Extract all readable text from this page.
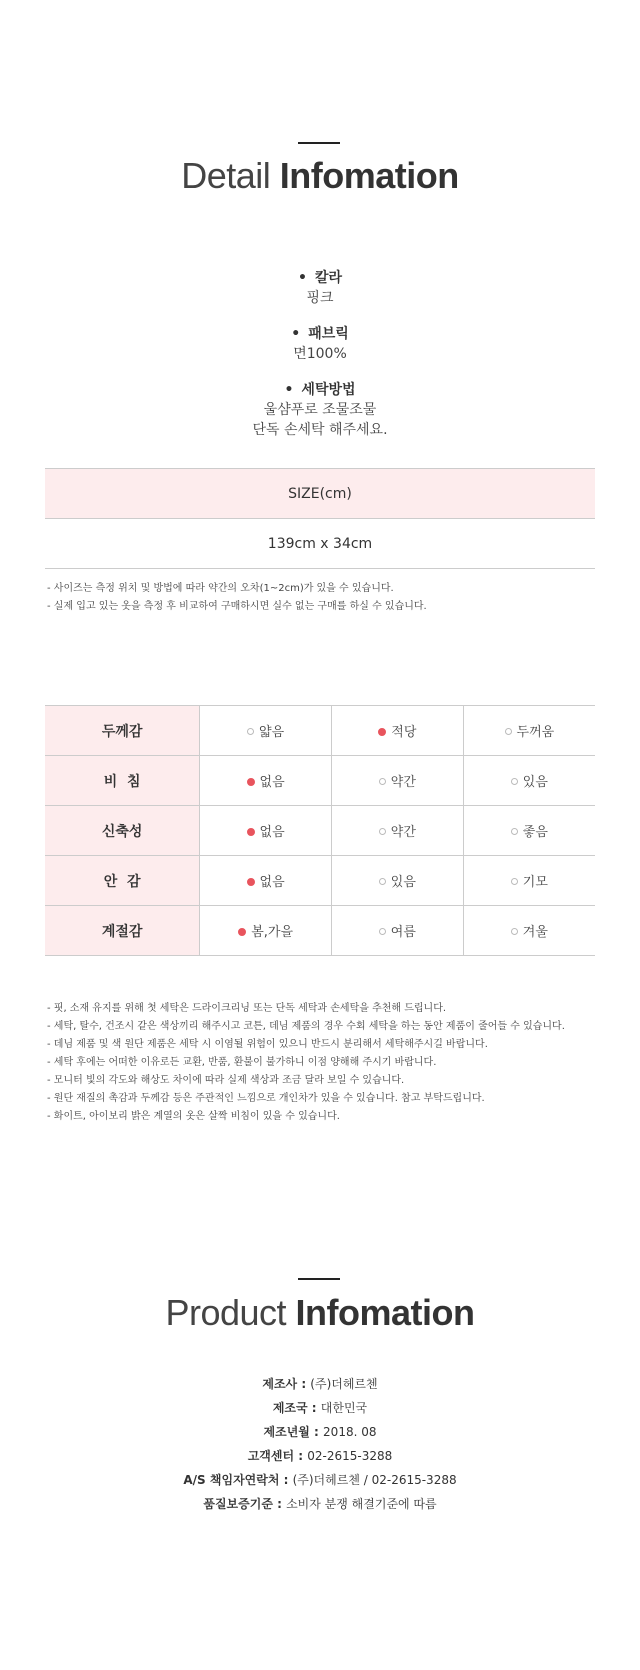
Detail Infomation
• 칼라
핑크
• 패브릭
면100%
• 세탁방법
울샴푸로 조물조물
단독 손세탁 해주세요.
SIZE(cm)
139cm x 34cm
- 사이즈는 측정 위치 및 방법에 따라 약간의 오차(1~2cm)가 있을 수 있습니다.
- 실제 입고 있는 옷을 측정 후 비교하여 구매하시면 실수 없는 구매를 하실 수 있습니다.
두께감	얇음	적당	두꺼움
비  침	없음	약간	있음
신축성	없음	약간	좋음
안  감	없음	있음	기모
계절감	봄,가을	여름	겨울
- 핏, 소재 유지를 위해 첫 세탁은 드라이크리닝 또는 단독 세탁과 손세탁을 추천해 드립니다.
- 세탁, 탈수, 건조시 같은 색상끼리 해주시고 코튼, 데님 제품의 경우 수회 세탁을 하는 동안 제품이 줄어들 수 있습니다.
- 데님 제품 및 색 원단 제품은 세탁 시 이염될 위험이 있으니 반드시 분리해서 세탁해주시길 바랍니다.
- 세탁 후에는 어떠한 이유로든 교환, 반품, 환불이 불가하니 이점 양해해 주시기 바랍니다.
- 모니터 빛의 각도와 해상도 차이에 따라 실제 색상과 조금 달라 보일 수 있습니다.
- 원단 재질의 촉감과 두께감 등은 주관적인 느낌으로 개인차가 있을 수 있습니다. 참고 부탁드립니다.
- 화이트, 아이보리 밝은 계열의 옷은 살짝 비침이 있을 수 있습니다.
Product Infomation
제조사 : (주)더헤르첸
제조국 : 대한민국
제조년월 : 2018. 08
고객센터 : 02-2615-3288
A/S 책임자연락처 : (주)더헤르첸 / 02-2615-3288
품질보증기준 : 소비자 분쟁 해결기준에 따름
